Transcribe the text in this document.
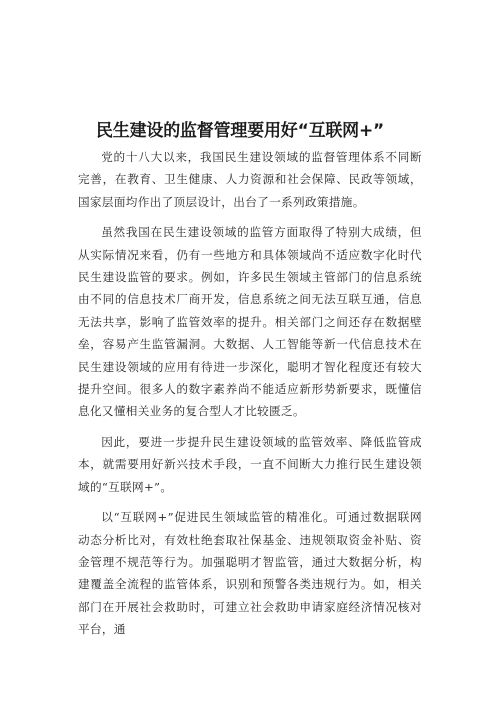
民生建设的监督管理要用好“互联网+”

党的十八大以来，我国民生建设领域的监督管理体系不同断完善，在教育、卫生健康、人力资源和社会保障、民政等领域，国家层面均作出了顶层设计，出台了一系列政策措施。

虽然我国在民生建设领域的监管方面取得了特别大成绩，但从实际情况来看，仍有一些地方和具体领域尚不适应数字化时代民生建设监管的要求。例如，许多民生领域主管部门的信息系统由不同的信息技术厂商开发，信息系统之间无法互联互通，信息无法共享，影响了监管效率的提升。相关部门之间还存在数据壁垒，容易产生监管漏洞。大数据、人工智能等新一代信息技术在民生建设领域的应用有待进一步深化，聪明才智化程度还有较大提升空间。很多人的数字素养尚不能适应新形势新要求，既懂信息化又懂相关业务的复合型人才比较匮乏。

因此，要进一步提升民生建设领域的监管效率、降低监管成本，就需要用好新兴技术手段，一直不间断大力推行民生建设领域的“互联网+”。

以“互联网+”促进民生领域监管的精准化。可通过数据联网动态分析比对，有效杜绝套取社保基金、违规领取资金补贴、资金管理不规范等行为。加强聪明才智监管，通过大数据分析，构建覆盖全流程的监管体系，识别和预警各类违规行为。如，相关部门在开展社会救助时，可建立社会救助申请家庭经济情况核对平台，通
